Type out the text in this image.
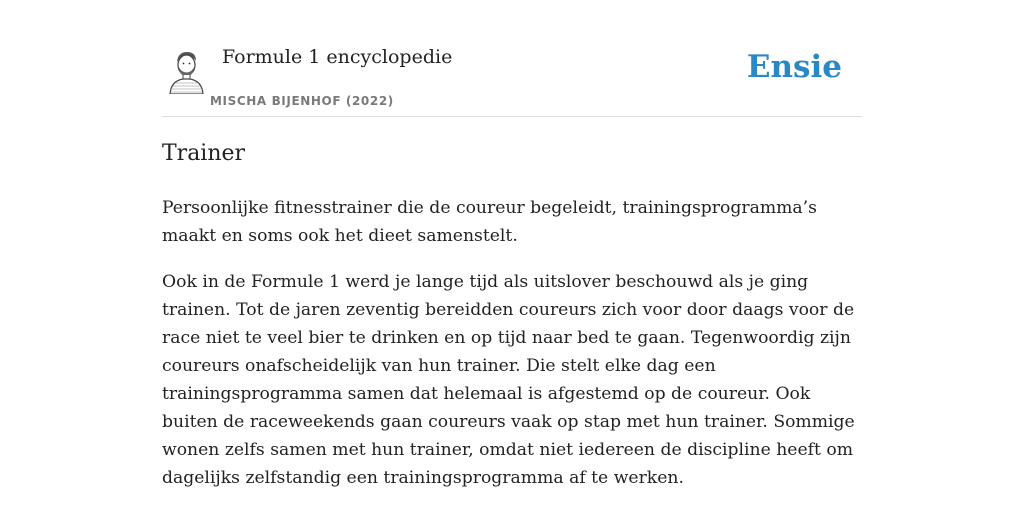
Formule 1 encyclopedie
MISCHA BIJENHOF (2022)
Ensie
Trainer

Persoonlijke fitnesstrainer die de coureur begeleidt, trainingsprogramma’s maakt en soms ook het dieet samenstelt.

Ook in de Formule 1 werd je lange tijd als uitslover beschouwd als je ging trainen. Tot de jaren zeventig bereidden coureurs zich voor door daags voor de race niet te veel bier te drinken en op tijd naar bed te gaan. Tegenwoordig zijn coureurs onafscheidelijk van hun trainer. Die stelt elke dag een trainingsprogramma samen dat helemaal is afgestemd op de coureur. Ook buiten de raceweekends gaan coureurs vaak op stap met hun trainer. Sommige wonen zelfs samen met hun trainer, omdat niet iedereen de discipline heeft om dagelijks zelfstandig een trainingsprogramma af te werken.
